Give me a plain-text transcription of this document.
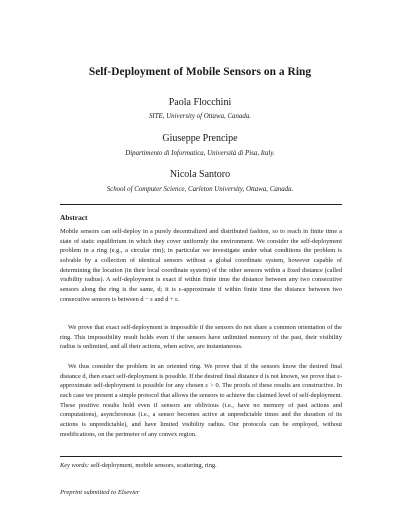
Self-Deployment of Mobile Sensors on a Ring
Paola Flocchini
SITE, University of Ottawa, Canada.
Giuseppe Prencipe
Dipartimento di Informatica, Università di Pisa, Italy.
Nicola Santoro
School of Computer Science, Carleton University, Ottawa, Canada.
Abstract

Mobile sensors can self-deploy in a purely decentralized and distributed fashion, so to reach in finite time a state of static equilibrium in which they cover uniformly the environment. We consider the self-deployment problem in a ring (e.g., a circular rim); in particular we investigate under what conditions the problem is solvable by a collection of identical sensors without a global coordinate system, however capable of determining the location (in their local coordinate system) of the other sensors within a fixed distance (called visibility radius). A self-deployment is exact if within finite time the distance between any two consecutive sensors along the ring is the same, d; it is ε-approximate if within finite time the distance between two consecutive sensors is between d − ε and d + ε.

We prove that exact self-deployment is impossible if the sensors do not share a common orientation of the ring. This impossibility result holds even if the sensors have unlimited memory of the past, their visibility radius is unlimited, and all their actions, when active, are instantaneous.

We thus consider the problem in an oriented ring. We prove that if the sensors know the desired final distance d, then exact self-deployment is possible. If the desired final distance d is not known, we prove that ε-approximate self-deployment is possible for any chosen ε > 0. The proofs of these results are constructive. In each case we present a simple protocol that allows the sensors to achieve the claimed level of self-deployment. These positive results hold even if sensors are oblivious (i.e., have no memory of past actions and computations), asynchronous (i.e., a sensor becomes active at unpredictable times and the duration of its actions is unpredictable), and have limited visibility radius. Our protocols can be employed, without modifications, on the perimeter of any convex region.

Key words: self-deployment, mobile sensors, scattering, ring.
Preprint submitted to Elsevier
